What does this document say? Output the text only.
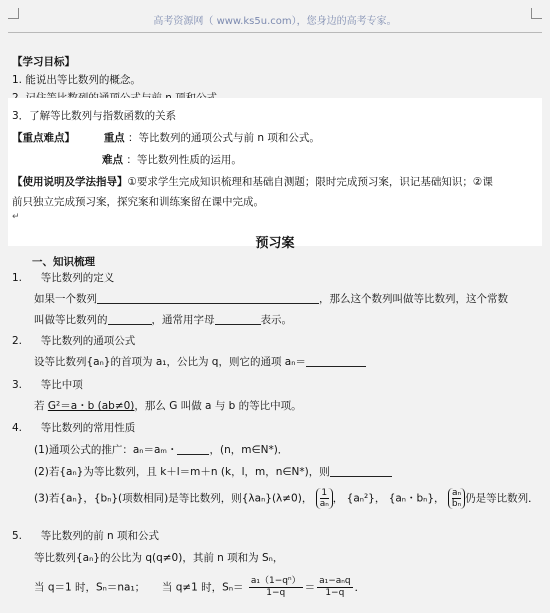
高考资源网（ www.ks5u.com），您身边的高考专家。
【学习目标】
1. 能说出等比数列的概念。
3．了解等比数列与指数函数的关系
【重点难点】	重点 ：等比数列的通项公式与前 n 项和公式。
难点 ：等比数列性质的运用。
【使用说明及学法指导】①要求学生完成知识梳理和基础自测题；限时完成预习案，识记基础知识；②课
前只独立完成预习案，探究案和训练案留在课中完成。
↵
预习案
一、知识梳理
1. 等比数列的定义
如果一个数列	，那么这个数列叫做等比数列，这个常数
叫做等比数列的	，通常用字母	表示。
2. 等比数列的通项公式
设等比数列{aₙ}的首项为 a₁，公比为 q，则它的通项 aₙ＝
3. 等比中项
若 G²＝a・b (ab≠0)，那么 G 叫做 a 与 b 的等比中项。
4. 等比数列的常用性质
(1)通项公式的推广：aₙ＝aₘ・	，(n，m∈N*)．
(2)若{aₙ}为等比数列，且 k＋l＝m＋n (k，l，m，n∈N*)，则
(3)若{aₙ}，{bₙ}(项数相同)是等比数列，则{λaₙ}(λ≠0)， $\frac{1}{\text{aₙ}}$， {aₙ²}， {aₙ・bₙ}， $\frac{\text{aₙ}}{\text{bₙ}}$仍是等比数列．
5. 等比数列的前 n 项和公式
等比数列{aₙ}的公比为 q(q≠0)，其前 n 项和为 Sₙ，
当 q＝1 时，Sₙ＝na₁； 当 q≠1 时，$S_n= \frac{\text{a₁（1−qⁿ）}}{1-q} = \frac{\text{a₁−aₙq}}{1-q}$ ．
